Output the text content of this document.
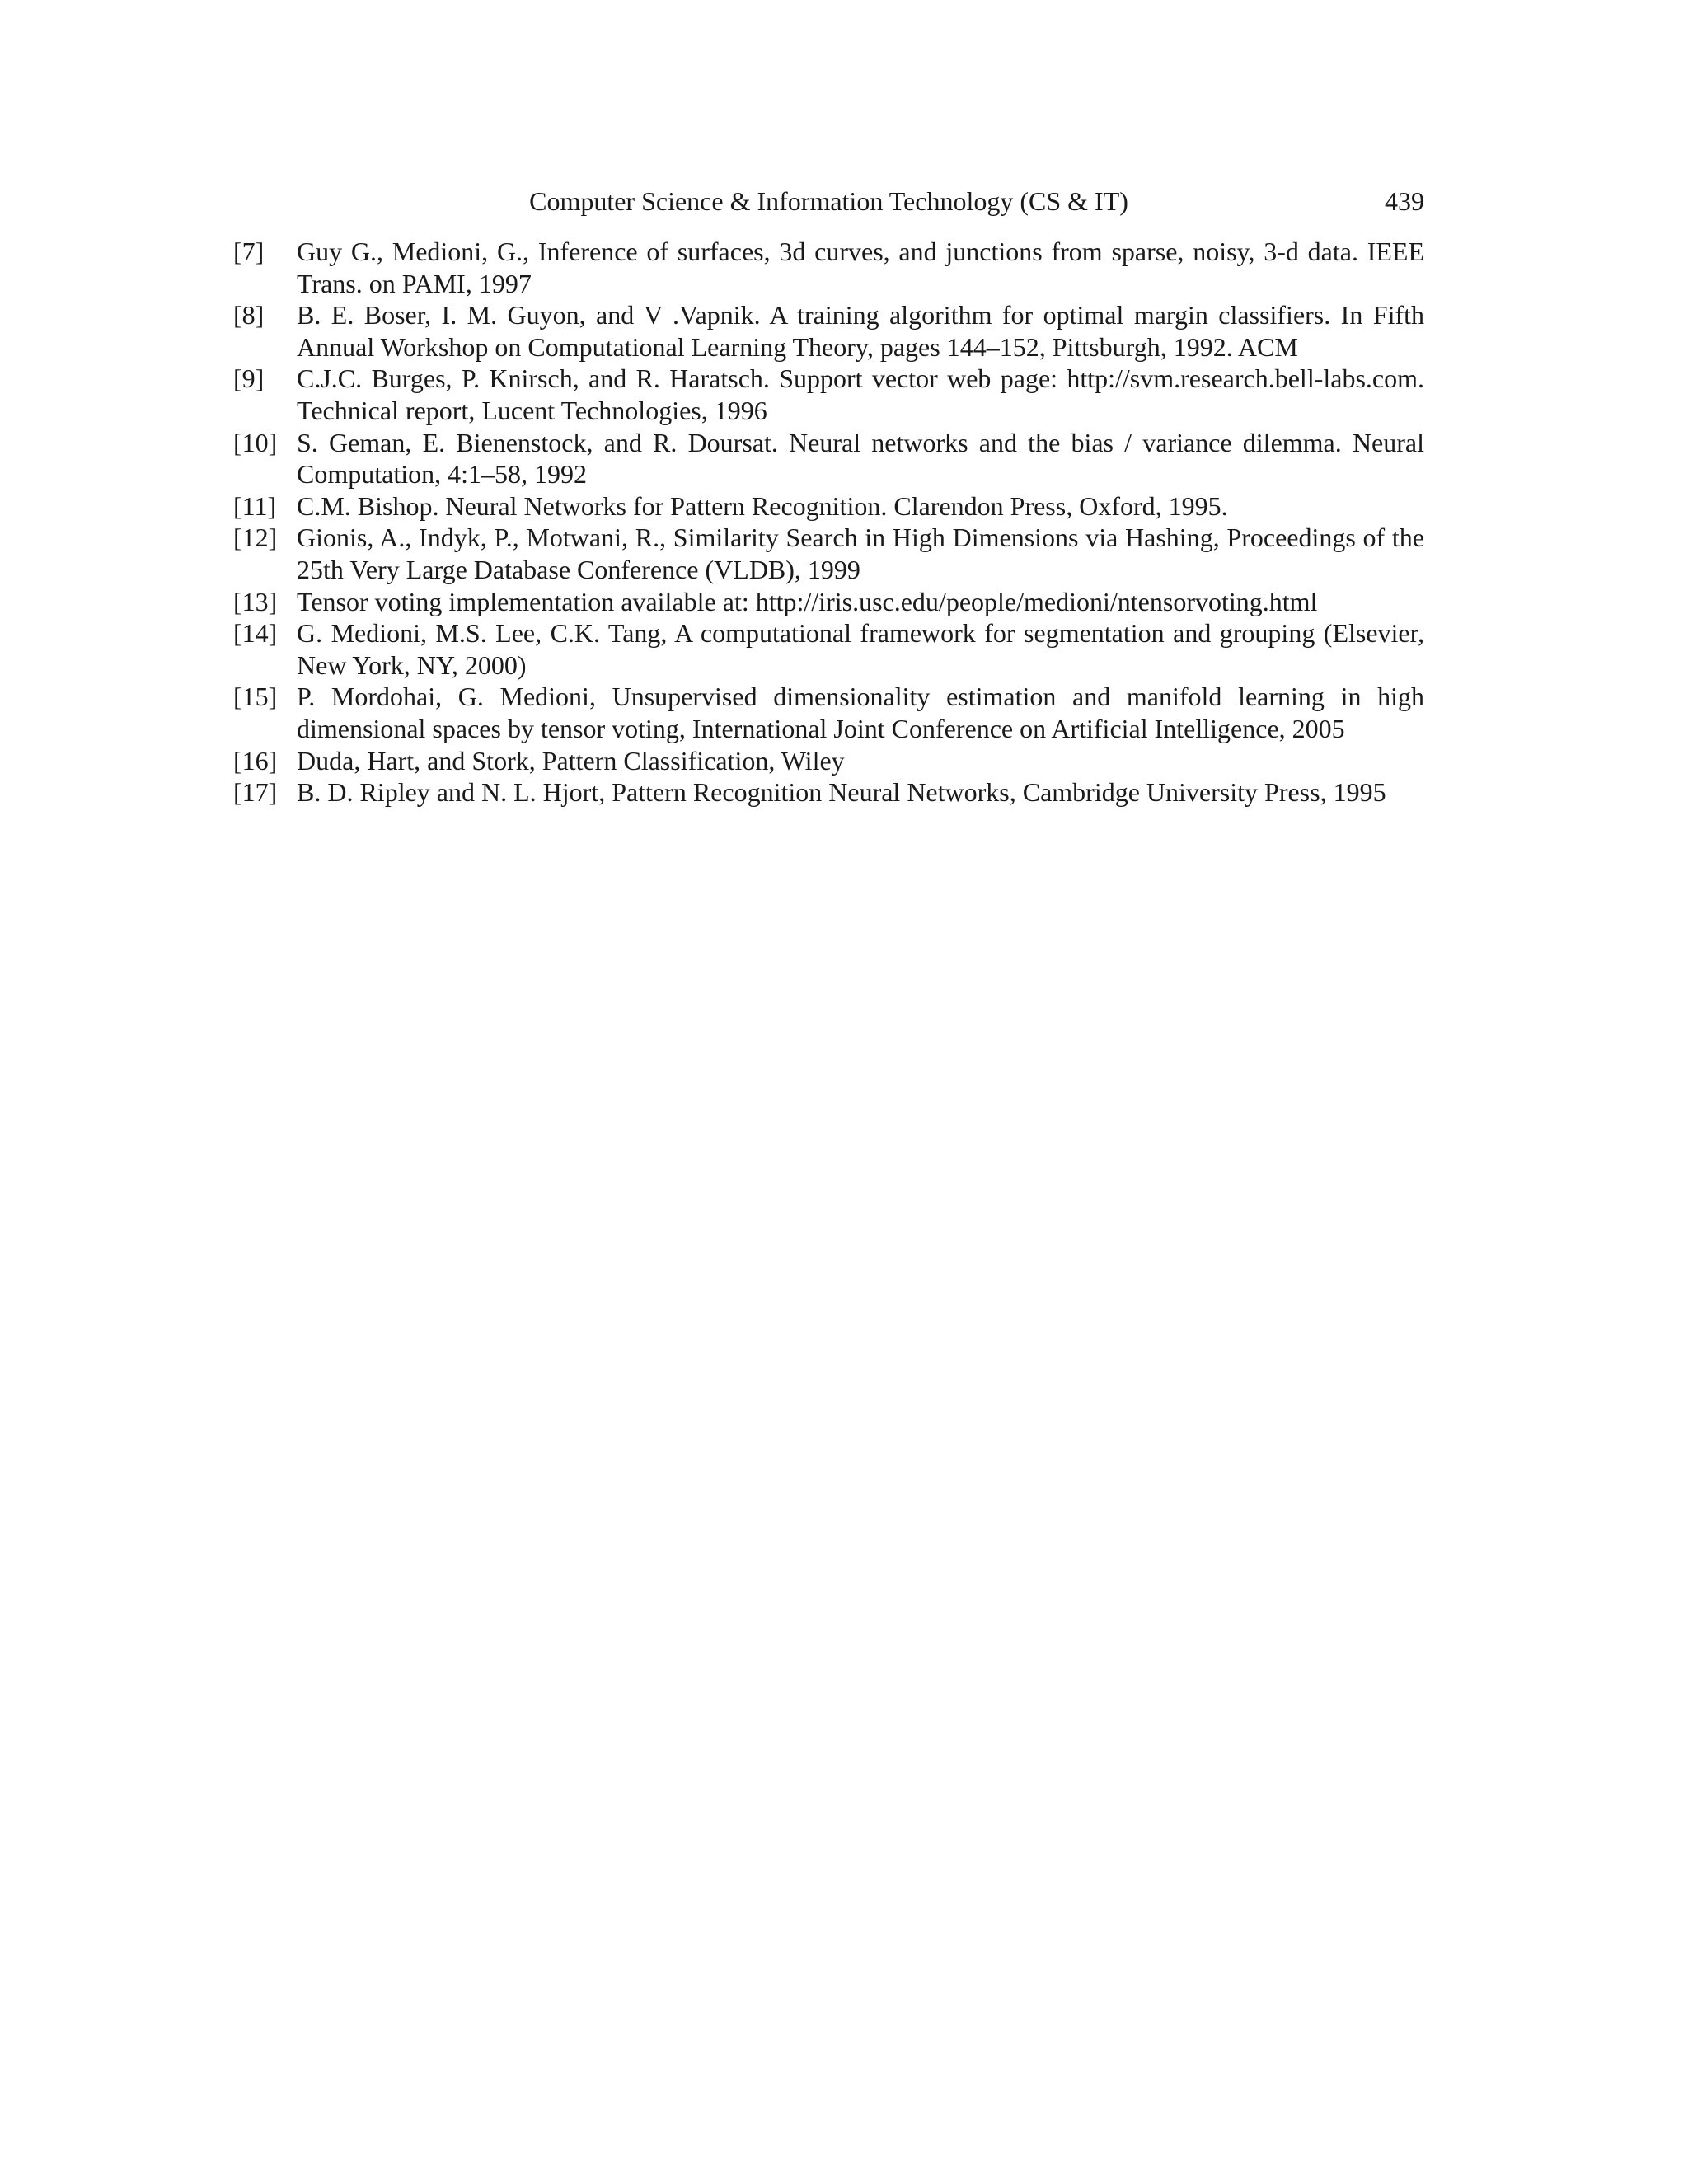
Computer Science & Information Technology (CS & IT)	439
[7] Guy G., Medioni, G., Inference of surfaces, 3d curves, and junctions from sparse, noisy, 3-d data. IEEE Trans. on PAMI, 1997
[8] B. E. Boser, I. M. Guyon, and V .Vapnik. A training algorithm for optimal margin classifiers. In Fifth Annual Workshop on Computational Learning Theory, pages 144–152, Pittsburgh, 1992. ACM
[9] C.J.C. Burges, P. Knirsch, and R. Haratsch. Support vector web page: http://svm.research.bell-labs.com. Technical report, Lucent Technologies, 1996
[10] S. Geman, E. Bienenstock, and R. Doursat. Neural networks and the bias / variance dilemma. Neural Computation, 4:1–58, 1992
[11] C.M. Bishop. Neural Networks for Pattern Recognition. Clarendon Press, Oxford, 1995.
[12] Gionis, A., Indyk, P., Motwani, R., Similarity Search in High Dimensions via Hashing, Proceedings of the 25th Very Large Database Conference (VLDB), 1999
[13] Tensor voting implementation available at: http://iris.usc.edu/people/medioni/ntensorvoting.html
[14] G. Medioni, M.S. Lee, C.K. Tang, A computational framework for segmentation and grouping (Elsevier, New York, NY, 2000)
[15] P. Mordohai, G. Medioni, Unsupervised dimensionality estimation and manifold learning in high dimensional spaces by tensor voting, International Joint Conference on Artificial Intelligence, 2005
[16] Duda, Hart, and Stork, Pattern Classification, Wiley
[17] B. D. Ripley and N. L. Hjort, Pattern Recognition Neural Networks, Cambridge University Press, 1995
